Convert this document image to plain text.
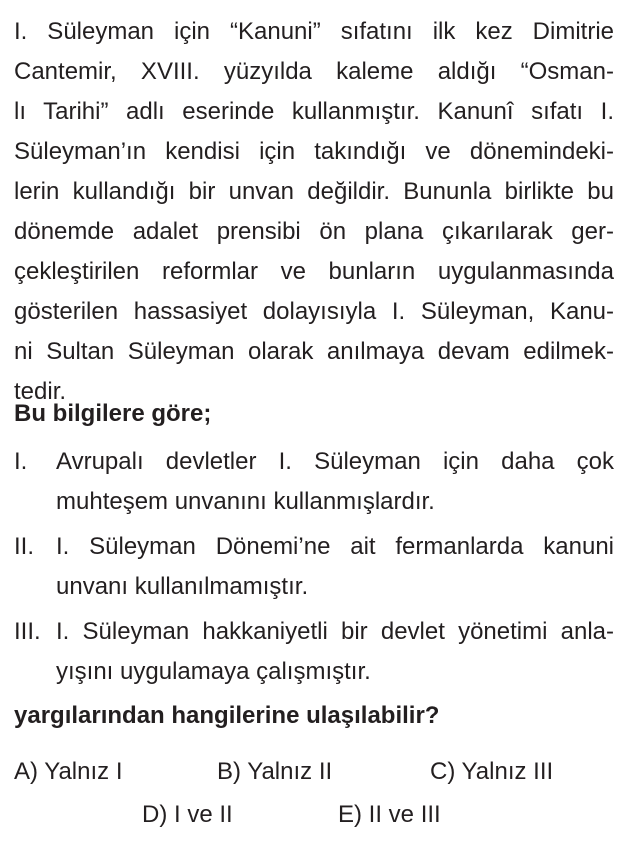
I. Süleyman için “Kanuni” sıfatını ilk kez Dimitrie
Cantemir, XVIII. yüzyılda kaleme aldığı “Osman-
lı Tarihi” adlı eserinde kullanmıştır. Kanunî sıfatı I.
Süleyman’ın kendisi için takındığı ve dönemindeki-
lerin kullandığı bir unvan değildir. Bununla birlikte bu
dönemde adalet prensibi ön plana çıkarılarak ger-
çekleştirilen reformlar ve bunların uygulanmasında
gösterilen hassasiyet dolayısıyla I. Süleyman, Kanu-
ni Sultan Süleyman olarak anılmaya devam edilmek-
tedir.
Bu bilgilere göre;
I. Avrupalı devletler I. Süleyman için daha çok
muhteşem unvanını kullanmışlardır.
II. I. Süleyman Dönemi’ne ait fermanlarda kanuni
unvanı kullanılmamıştır.
III. I. Süleyman hakkaniyetli bir devlet yönetimi anla-
yışını uygulamaya çalışmıştır.
yargılarından hangilerine ulaşılabilir?
A) Yalnız I	B) Yalnız II	C) Yalnız III
D) I ve II	E) II ve III
